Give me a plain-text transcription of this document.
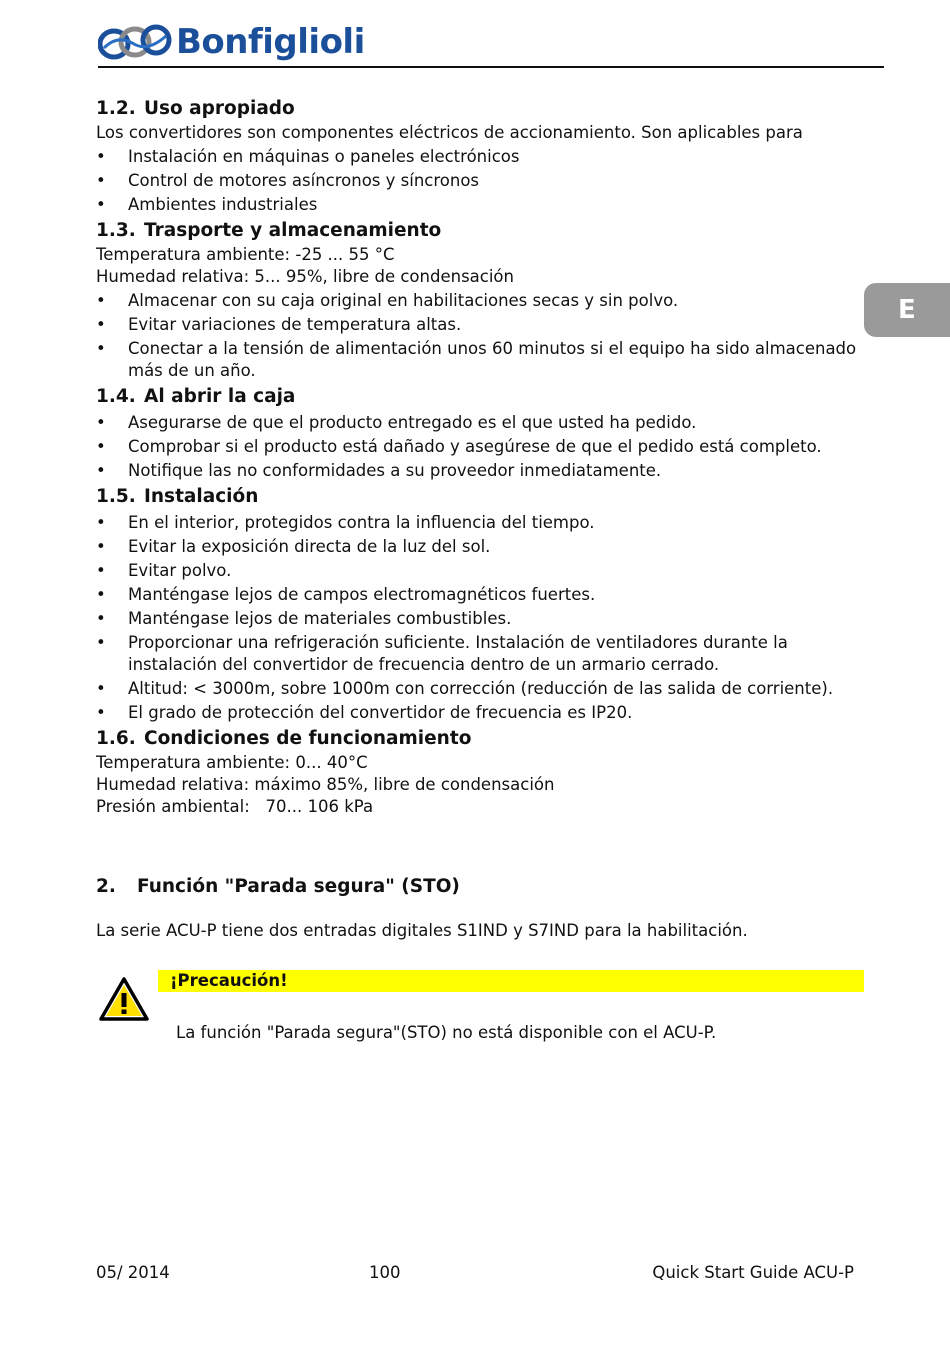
Bonfiglioli
E
1.2. Uso apropiado

Los convertidores son componentes eléctricos de accionamiento. Son aplicables para

• Instalación en máquinas o paneles electrónicos
• Control de motores asíncronos y síncronos
• Ambientes industriales
1.3. Trasporte y almacenamiento

Temperatura ambiente: -25 ... 55 °C

Humedad relativa: 5... 95%, libre de condensación

• Almacenar con su caja original en habilitaciones secas y sin polvo.
• Evitar variaciones de temperatura altas.
• Conectar a la tensión de alimentación unos 60 minutos si el equipo ha sido almacenado más de un año.
1.4. Al abrir la caja
• Asegurarse de que el producto entregado es el que usted ha pedido.
• Comprobar si el producto está dañado y asegúrese de que el pedido está completo.
• Notifique las no conformidades a su proveedor inmediatamente.
1.5. Instalación
• En el interior, protegidos contra la influencia del tiempo.
• Evitar la exposición directa de la luz del sol.
• Evitar polvo.
• Manténgase lejos de campos electromagnéticos fuertes.
• Manténgase lejos de materiales combustibles.
• Proporcionar una refrigeración suficiente. Instalación de ventiladores durante la instalación del convertidor de frecuencia dentro de un armario cerrado.
• Altitud: < 3000m, sobre 1000m con corrección (reducción de las salida de corriente).
• El grado de protección del convertidor de frecuencia es IP20.
1.6. Condiciones de funcionamiento

Temperatura ambiente: 0... 40°C

Humedad relativa: máximo 85%, libre de condensación

Presión ambiental:   70... 106 kPa

2. Función "Parada segura" (STO)

La serie ACU-P tiene dos entradas digitales S1IND y S7IND para la habilitación.

¡Precaución!
La función "Parada segura"(STO) no está disponible con el ACU-P.
05/ 2014	100	Quick Start Guide ACU-P
